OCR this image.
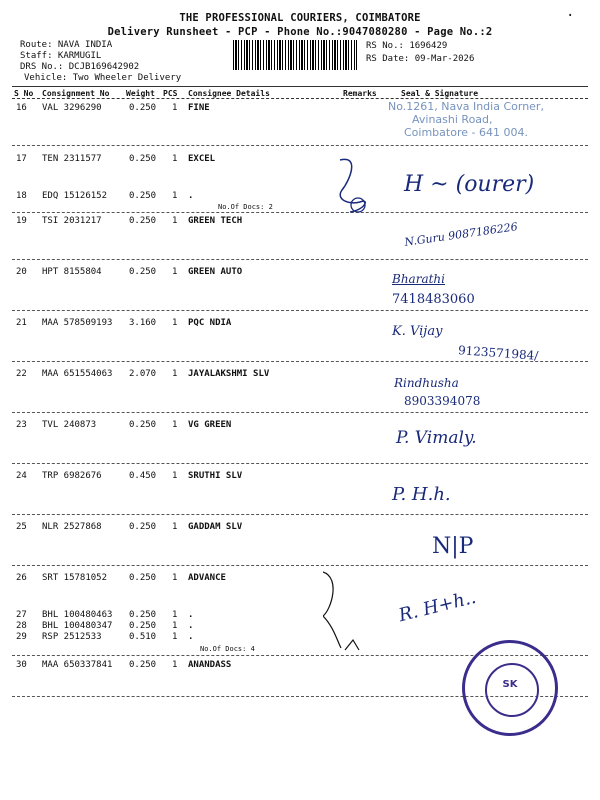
THE PROFESSIONAL COURIERS, COIMBATORE
Delivery Runsheet - PCP - Phone No.:9047080280 - Page No.:2
·
Route: NAVA INDIA
Staff: KARMUGIL
DRS No.: DCJB169642902
Vehicle: Two Wheeler Delivery
RS No.: 1696429
RS Date: 09-Mar-2026
S No Consignment No Weight PCS Consignee Details	Remarks	Seal & Signature
16 VAL 3296290	0.250 1 FINE
17 TEN 2311577	0.250 1 EXCEL
18 EDQ 15126152 0.250 1 .
No.Of Docs: 2
19 TSI 2031217	0.250 1 GREEN TECH
20 HPT 8155804	0.250 1 GREEN AUTO
21 MAA 578509193 3.160 1 PQC NDIA
22 MAA 651554063 2.070 1 JAYALAKSHMI SLV
23 TVL 240873	0.250 1 VG GREEN
24 TRP 6982676	0.450 1 SRUTHI SLV
25 NLR 2527868	0.250 1 GADDAM SLV
26 SRT 15781052 0.250 1 ADVANCE
27 BHL 100480463 0.250 1 .
28 BHL 100480347 0.250 1 .
29 RSP 2512533	0.510 1 .
No.Of Docs: 4
30 MAA 650337841 0.250 1 ANANDASS
No.1261, Nava India Corner,
Avinashi Road,
Coimbatore - 641 004.
H ~ (ourer)
N.Guru 9087186226
Bharathi
7418483060
K. Vijay
9123571984/
Rindhusha
8903394078
P. Vimaly.
P. H.h.
N|P
R. H+h..
SK
